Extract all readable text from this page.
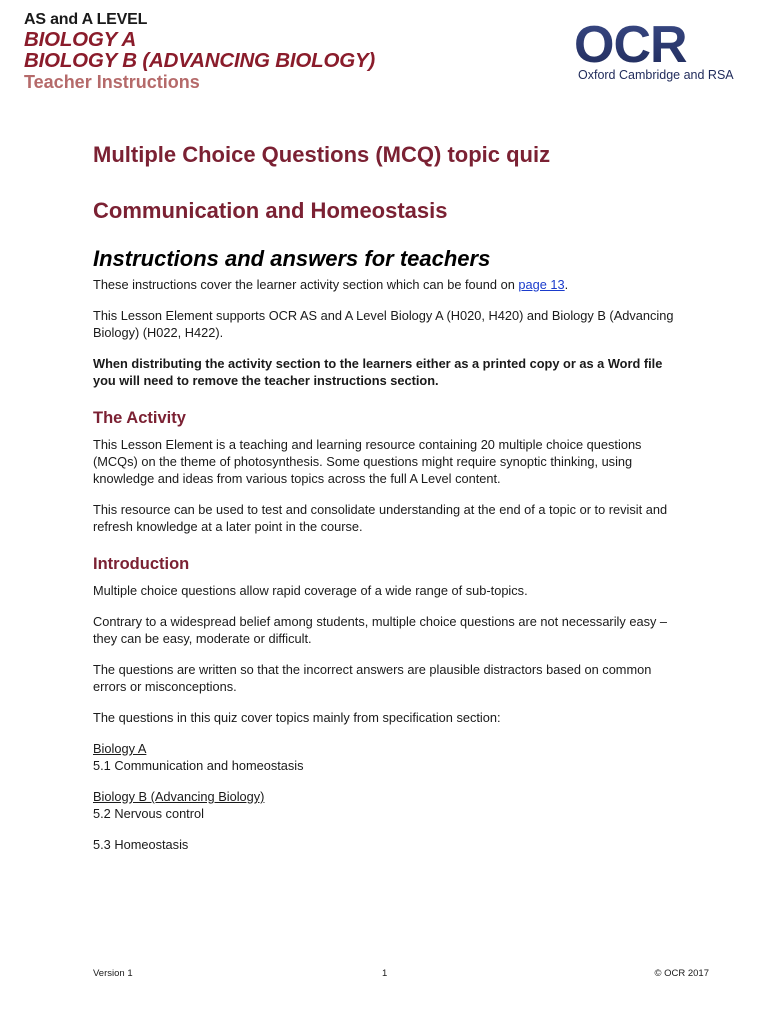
AS and A LEVEL

BIOLOGY A

BIOLOGY B (ADVANCING BIOLOGY)

Teacher Instructions

OCR
Oxford Cambridge and RSA
Multiple Choice Questions (MCQ) topic quiz
Communication and Homeostasis
Instructions and answers for teachers

These instructions cover the learner activity section which can be found on page 13.

This Lesson Element supports OCR AS and A Level Biology A (H020, H420) and Biology B (Advancing Biology) (H022, H422).

When distributing the activity section to the learners either as a printed copy or as a Word file you will need to remove the teacher instructions section.

The Activity

This Lesson Element is a teaching and learning resource containing 20 multiple choice questions (MCQs) on the theme of photosynthesis. Some questions might require synoptic thinking, using knowledge and ideas from various topics across the full A Level content.

This resource can be used to test and consolidate understanding at the end of a topic or to revisit and refresh knowledge at a later point in the course.

Introduction

Multiple choice questions allow rapid coverage of a wide range of sub-topics.

Contrary to a widespread belief among students, multiple choice questions are not necessarily easy – they can be easy, moderate or difficult.

The questions are written so that the incorrect answers are plausible distractors based on common errors or misconceptions.

The questions in this quiz cover topics mainly from specification section:

Biology A

5.1 Communication and homeostasis

Biology B (Advancing Biology)

5.2 Nervous control

5.3 Homeostasis

Version 1	1	© OCR 2017
